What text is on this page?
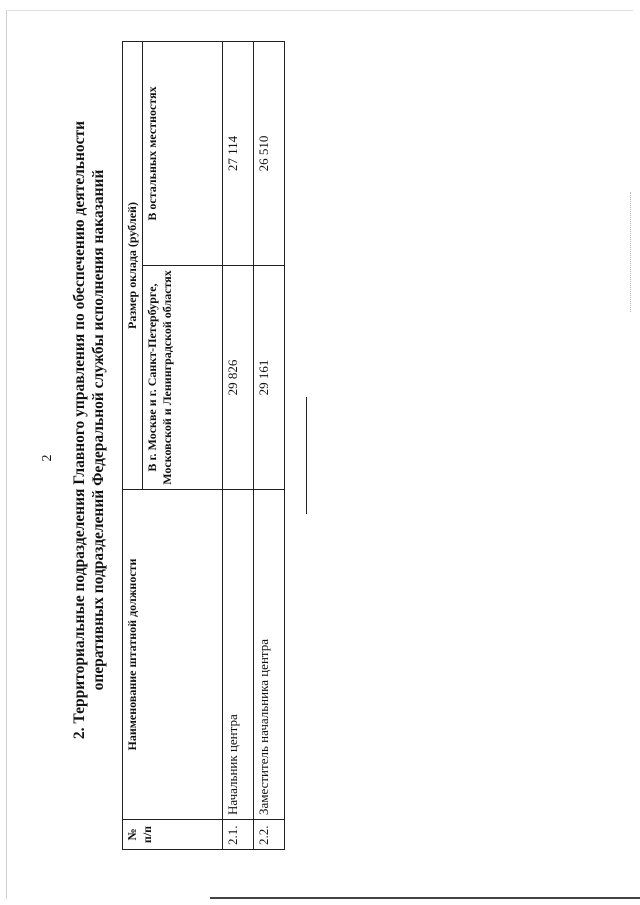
2 2. Территориальные подразделения Главного управления по обеспечению деятельности оперативных подразделений Федеральной службы исполнения наказаний
№ п/п	Наименование штатной должности	Размер оклада (рублей)	
		В г. Москве и г. Санкт-Петербурге, Московской и Ленинградской областях	В остальных местностях
2.1.	Начальник центра	29 826	27 114
2.2.	Заместитель начальника центра	29 161	26 510
